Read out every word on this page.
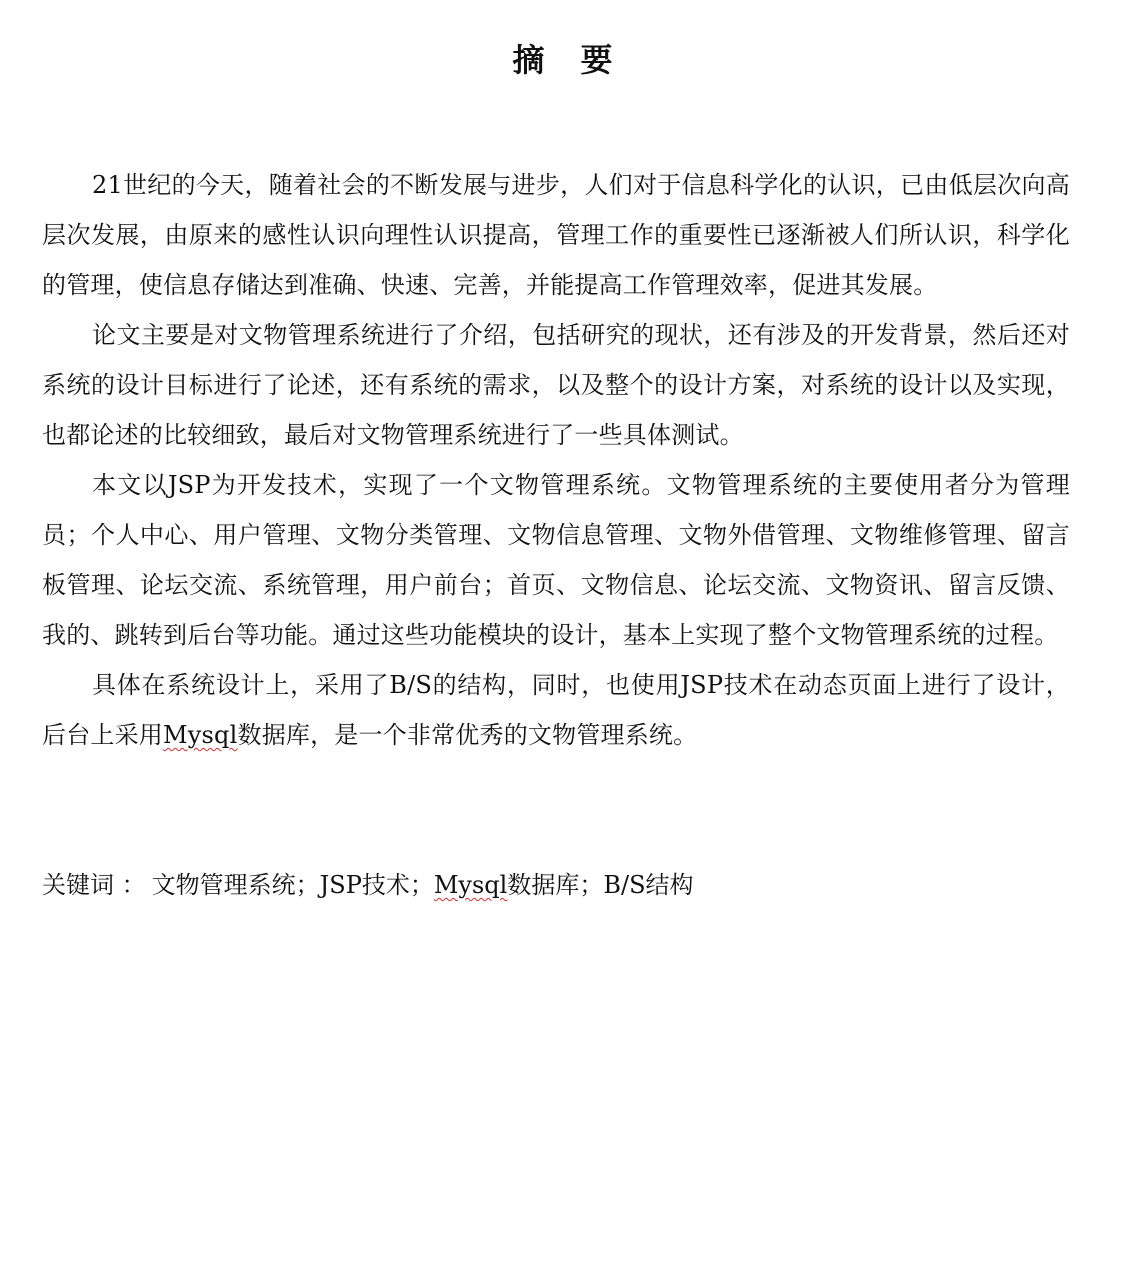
摘要

21世纪的今天，随着社会的不断发展与进步，人们对于信息科学化的认识，已由低层次向高层次发展，由原来的感性认识向理性认识提高，管理工作的重要性已逐渐被人们所认识，科学化的管理，使信息存储达到准确、快速、完善，并能提高工作管理效率，促进其发展。

论文主要是对文物管理系统进行了介绍，包括研究的现状，还有涉及的开发背景，然后还对系统的设计目标进行了论述，还有系统的需求，以及整个的设计方案，对系统的设计以及实现，也都论述的比较细致，最后对文物管理系统进行了一些具体测试。

本文以JSP为开发技术，实现了一个文物管理系统。文物管理系统的主要使用者分为管理员；个人中心、用户管理、文物分类管理、文物信息管理、文物外借管理、文物维修管理、留言板管理、论坛交流、系统管理，用户前台；首页、文物信息、论坛交流、文物资讯、留言反馈、我的、跳转到后台等功能。通过这些功能模块的设计，基本上实现了整个文物管理系统的过程。

具体在系统设计上，采用了B/S的结构，同时，也使用JSP技术在动态页面上进行了设计，后台上采用Mysql数据库，是一个非常优秀的文物管理系统。

关键词 ： 文物管理系统；JSP技术；Mysql数据库；B/S结构
